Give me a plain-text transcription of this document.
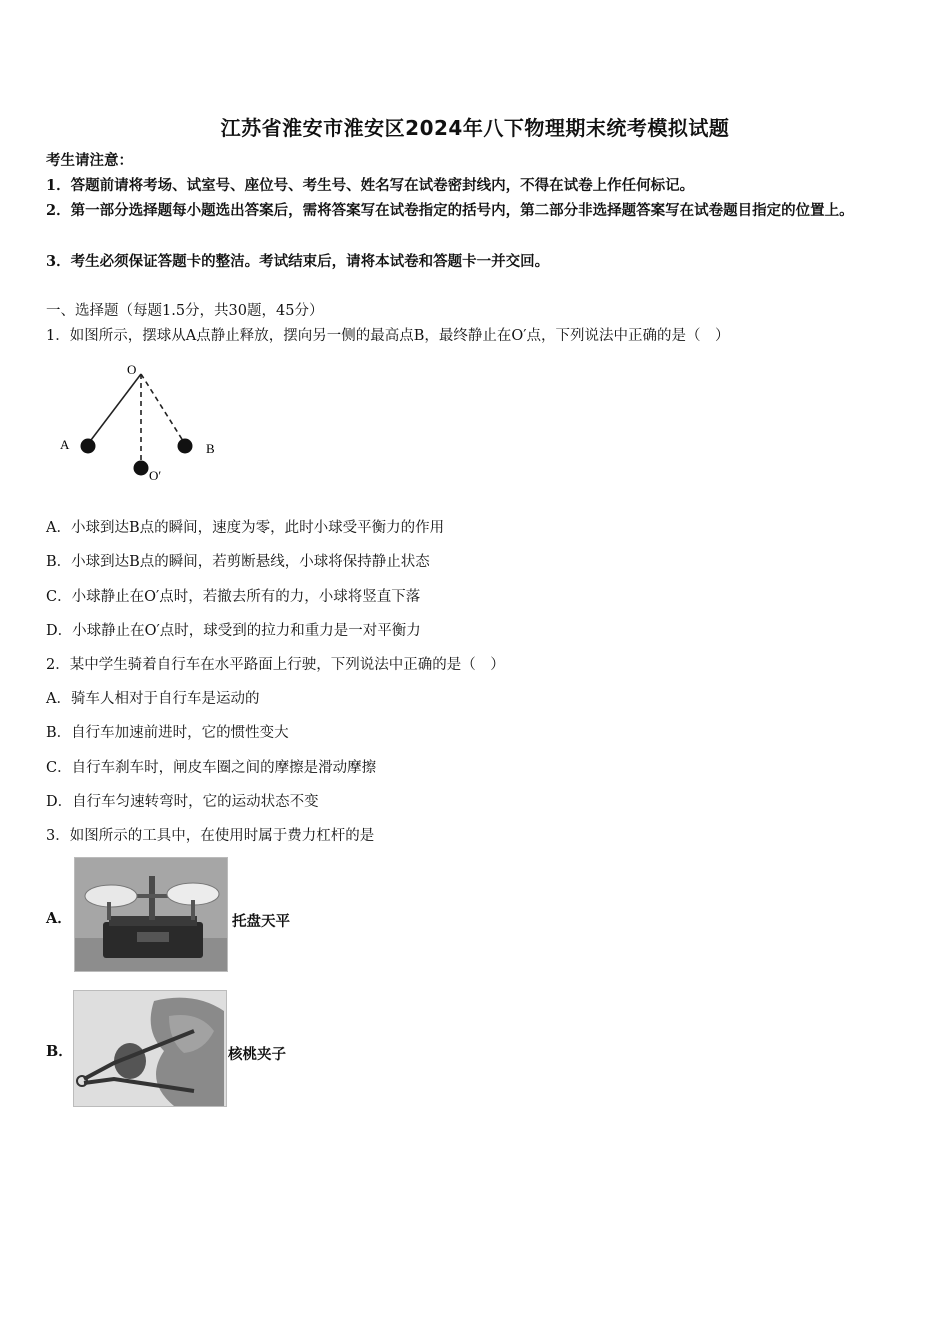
江苏省淮安市淮安区2024年八下物理期末统考模拟试题
考生请注意：
1．答题前请将考场、试室号、座位号、考生号、姓名写在试卷密封线内，不得在试卷上作任何标记。
2．第一部分选择题每小题选出答案后，需将答案写在试卷指定的括号内，第二部分非选择题答案写在试卷题目指定的位置上。
3．考生必须保证答题卡的整洁。考试结束后，请将本试卷和答题卡一并交回。
一、选择题（每题1.5分，共30题，45分）
1．如图所示，摆球从A点静止释放，摆向另一侧的最高点B，最终静止在O′点，下列说法中正确的是（　）
O
A	B
O′
A．小球到达B点的瞬间，速度为零，此时小球受平衡力的作用
B．小球到达B点的瞬间，若剪断悬线，小球将保持静止状态
C．小球静止在O′点时，若撤去所有的力，小球将竖直下落
D．小球静止在O′点时，球受到的拉力和重力是一对平衡力
2．某中学生骑着自行车在水平路面上行驶，下列说法中正确的是（　）
A．骑车人相对于自行车是运动的
B．自行车加速前进时，它的惯性变大
C．自行车刹车时，闸皮车圈之间的摩擦是滑动摩擦
D．自行车匀速转弯时，它的运动状态不变
3．如图所示的工具中，在使用时属于费力杠杆的是
A．	托盘天平
B．	核桃夹子
